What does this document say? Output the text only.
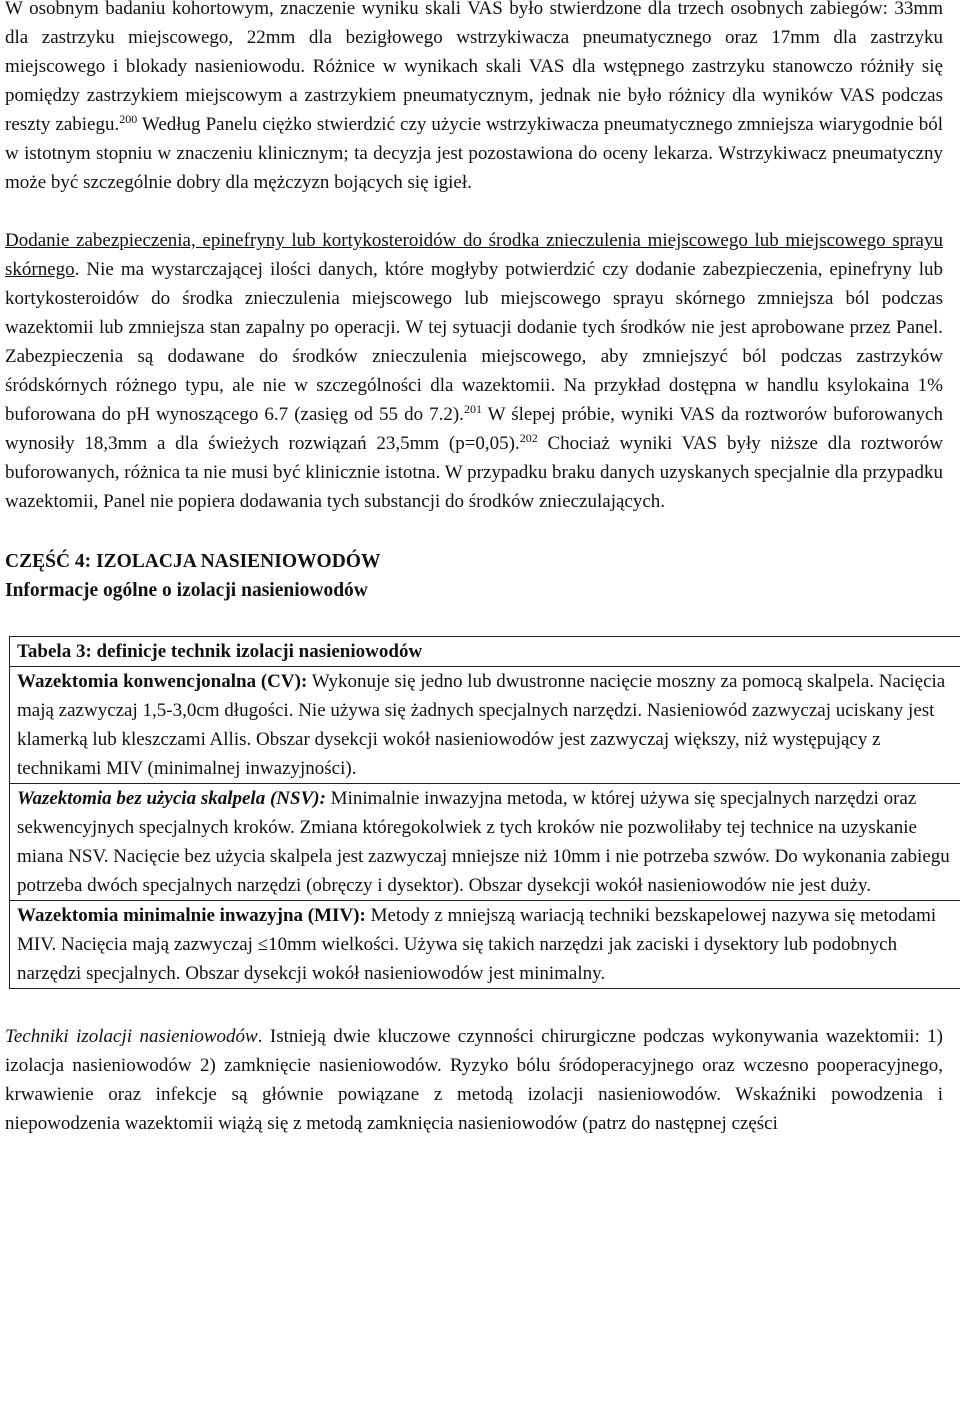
W osobnym badaniu kohortowym, znaczenie wyniku skali VAS było stwierdzone dla trzech osobnych zabiegów: 33mm dla zastrzyku miejscowego, 22mm dla bezigłowego wstrzykiwacza pneumatycznego oraz 17mm dla zastrzyku miejscowego i blokady nasieniowodu. Różnice w wynikach skali VAS dla wstępnego zastrzyku stanowczo różniły się pomiędzy zastrzykiem miejscowym a zastrzykiem pneumatycznym, jednak nie było różnicy dla wyników VAS podczas reszty zabiegu.$^{200}$ Według Panelu ciężko stwierdzić czy użycie wstrzykiwacza pneumatycznego zmniejsza wiarygodnie ból w istotnym stopniu w znaczeniu klinicznym; ta decyzja jest pozostawiona do oceny lekarza. Wstrzykiwacz pneumatyczny może być szczególnie dobry dla mężczyzn bojących się igieł.

Dodanie zabezpieczenia, epinefryny lub kortykosteroidów do środka znieczulenia miejscowego lub miejscowego sprayu skórnego. Nie ma wystarczającej ilości danych, które mogłyby potwierdzić czy dodanie zabezpieczenia, epinefryny lub kortykosteroidów do środka znieczulenia miejscowego lub miejscowego sprayu skórnego zmniejsza ból podczas wazektomii lub zmniejsza stan zapalny po operacji. W tej sytuacji dodanie tych środków nie jest aprobowane przez Panel. Zabezpieczenia są dodawane do środków znieczulenia miejscowego, aby zmniejszyć ból podczas zastrzyków śródskórnych różnego typu, ale nie w szczególności dla wazektomii. Na przykład dostępna w handlu ksylokaina 1% buforowana do pH wynoszącego 6.7 (zasięg od 55 do 7.2).$^{201}$ W ślepej próbie, wyniki VAS da roztworów buforowanych wynosiły 18,3mm a dla świeżych rozwiązań 23,5mm (p=0,05).$^{202}$ Chociaż wyniki VAS były niższe dla roztworów buforowanych, różnica ta nie musi być klinicznie istotna. W przypadku braku danych uzyskanych specjalnie dla przypadku wazektomii, Panel nie popiera dodawania tych substancji do środków znieczulających.

CZĘŚĆ 4: IZOLACJA NASIENIOWODÓW
Informacje ogólne o izolacji nasieniowodów
Tabela 3: definicje technik izolacji nasieniowodów
Wazektomia konwencjonalna (CV): Wykonuje się jedno lub dwustronne nacięcie moszny za pomocą skalpela. Nacięcia mają zazwyczaj 1,5-3,0cm długości. Nie używa się żadnych specjalnych narzędzi. Nasieniowód zazwyczaj uciskany jest klamerką lub kleszczami Allis. Obszar dysekcji wokół nasieniowodów jest zazwyczaj większy, niż występujący z technikami MIV (minimalnej inwazyjności).
Wazektomia bez użycia skalpela (NSV): Minimalnie inwazyjna metoda, w której używa się specjalnych narzędzi oraz sekwencyjnych specjalnych kroków. Zmiana któregokolwiek z tych kroków nie pozwoliłaby tej technice na uzyskanie miana NSV. Nacięcie bez użycia skalpela jest zazwyczaj mniejsze niż 10mm i nie potrzeba szwów. Do wykonania zabiegu potrzeba dwóch specjalnych narzędzi (obręczy i dysektor). Obszar dysekcji wokół nasieniowodów nie jest duży.
Wazektomia minimalnie inwazyjna (MIV): Metody z mniejszą wariacją techniki bezskapelowej nazywa się metodami MIV. Nacięcia mają zazwyczaj ≤10mm wielkości. Używa się takich narzędzi jak zaciski i dysektory lub podobnych narzędzi specjalnych. Obszar dysekcji wokół nasieniowodów jest minimalny.

Techniki izolacji nasieniowodów. Istnieją dwie kluczowe czynności chirurgiczne podczas wykonywania wazektomii: 1) izolacja nasieniowodów 2) zamknięcie nasieniowodów. Ryzyko bólu śródoperacyjnego oraz wczesno pooperacyjnego, krwawienie oraz infekcje są głównie powiązane z metodą izolacji nasieniowodów. Wskaźniki powodzenia i niepowodzenia wazektomii wiążą się z metodą zamknięcia nasieniowodów (patrz do następnej części
